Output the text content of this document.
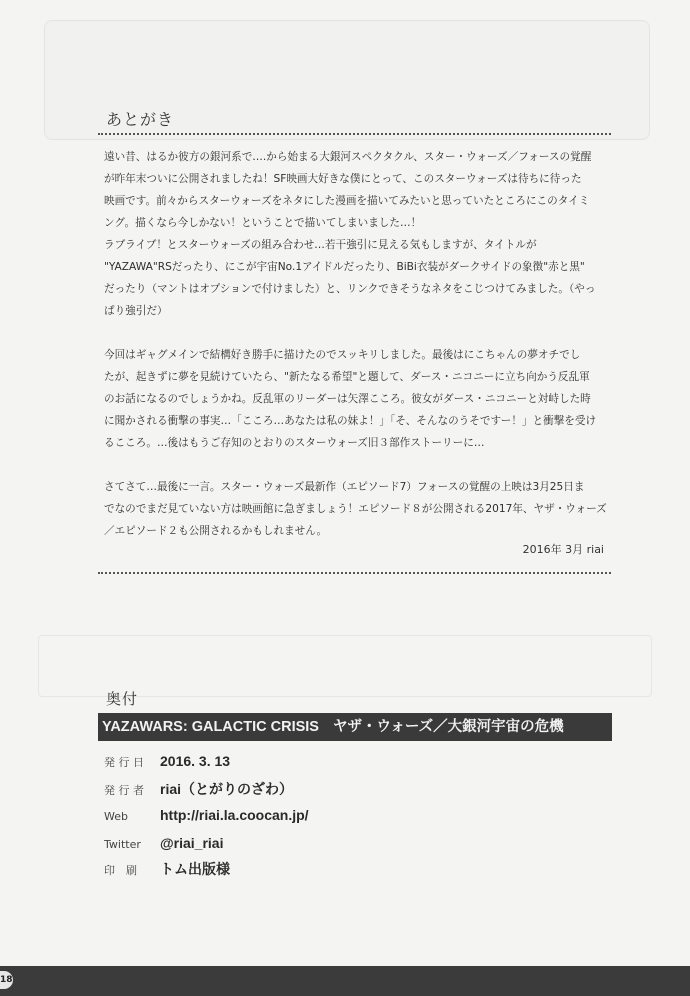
あとがき

遠い昔、はるか彼方の銀河系で….から始まる大銀河スペクタクル、スター・ウォーズ／フォースの覚醒
が昨年末ついに公開されましたね！SF映画大好きな僕にとって、このスターウォーズは待ちに待った
映画です。前々からスターウォーズをネタにした漫画を描いてみたいと思っていたところにこのタイミ
ング。描くなら今しかない！ということで描いてしまいました…！
ラブライブ！とスターウォーズの組み合わせ…若干強引に見える気もしますが、タイトルが
"YAZAWA"RSだったり、にこが宇宙No.1アイドルだったり、BiBi衣装がダークサイドの象徴"赤と黒"
だったり（マントはオプションで付けました）と、リンクできそうなネタをこじつけてみました。（やっ
ぱり強引だ）

今回はギャグメインで結構好き勝手に描けたのでスッキリしました。最後はにこちゃんの夢オチでし
たが、起きずに夢を見続けていたら、"新たなる希望"と題して、ダース・ニコニーに立ち向かう反乱軍
のお話になるのでしょうかね。反乱軍のリーダーは矢澤こころ。彼女がダース・ニコニーと対峙した時
に聞かされる衝撃の事実…「こころ…あなたは私の妹よ！」「そ、そんなのうそですー！」と衝撃を受け
るこころ。…後はもうご存知のとおりのスターウォーズ旧３部作ストーリーに…

さてさて…最後に一言。スター・ウォーズ最新作（エピソード7）フォースの覚醒の上映は3月25日ま
でなのでまだ見ていない方は映画館に急ぎましょう！エピソード８が公開される2017年、ヤザ・ウォーズ
／エピソード２も公開されるかもしれません。

2016年 3月 riai
奥付
YAZAWARS: GALACTIC CRISIS ヤザ・ウォーズ／大銀河宇宙の危機
発 行 日 2016. 3. 13
発 行 者 riai（とがりのざわ）
Web http://riai.la.coocan.jp/
Twitter @riai_riai
印　刷 トム出版様
18
